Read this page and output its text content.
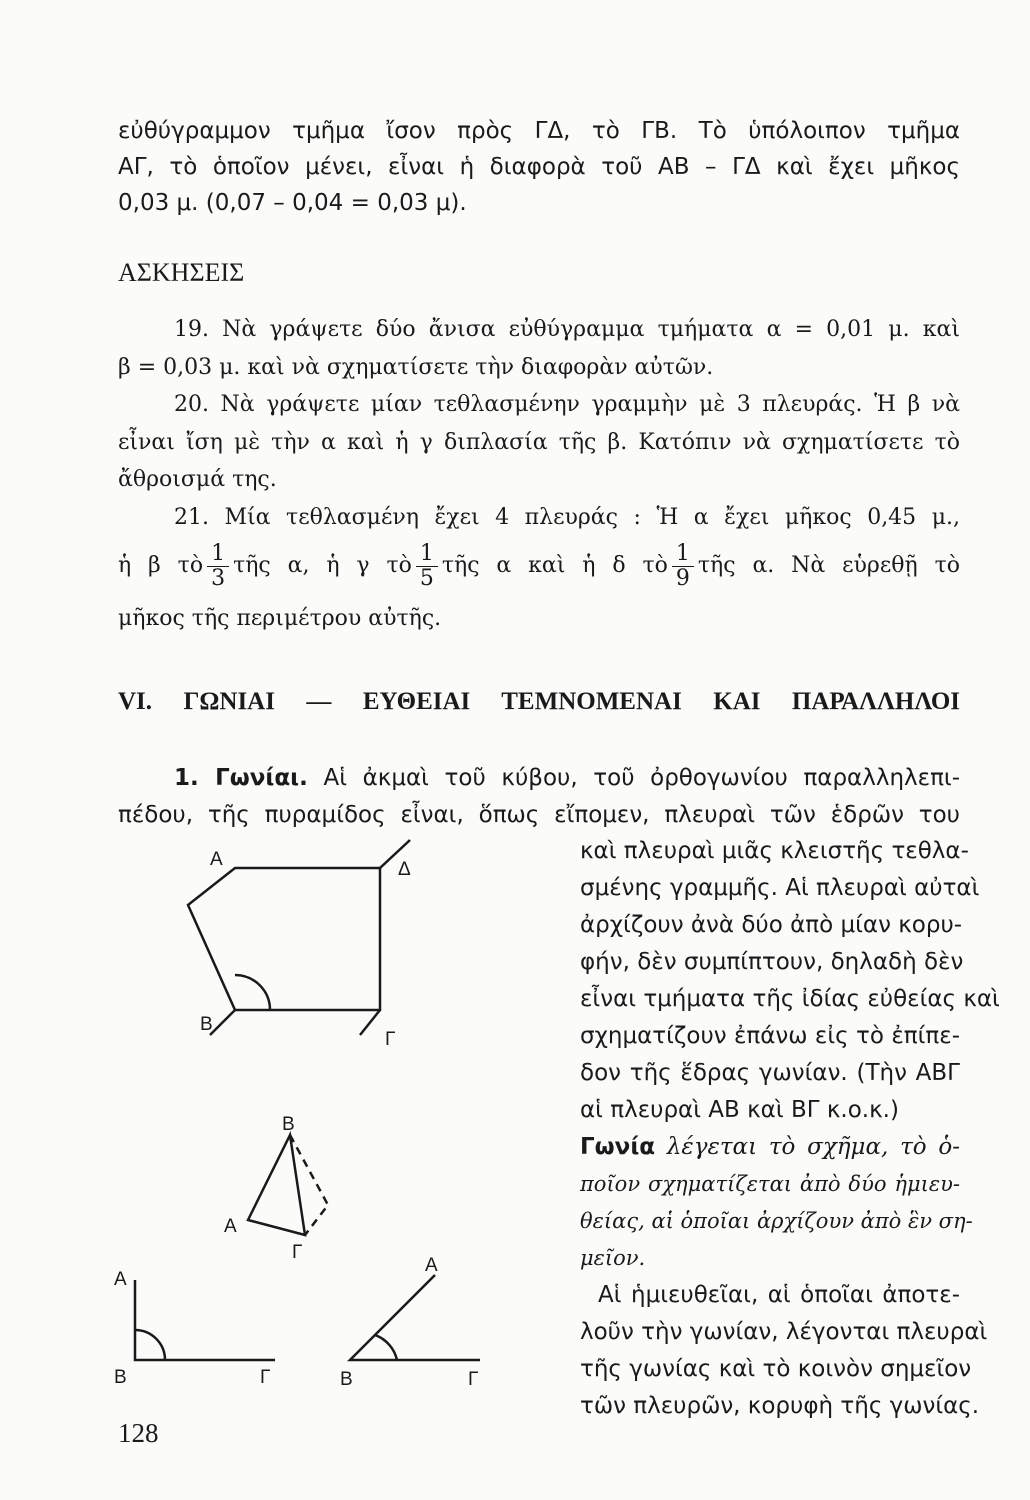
εὐθύγραμμον τμῆμα ἴσον πρὸς ΓΔ, τὸ ΓΒ. Τὸ ὑπόλοιπον τμῆμα
ΑΓ, τὸ ὁποῖον μένει, εἶναι ἡ διαφορὰ τοῦ ΑΒ – ΓΔ καὶ ἔχει μῆκος
0,03 μ. (0,07 – 0,04 = 0,03 μ).
ΑΣΚΗΣΕΙΣ
19. Νὰ γράψετε δύο ἄνισα εὐθύγραμμα τμήματα α = 0,01 μ. καὶ
β = 0,03 μ. καὶ νὰ σχηματίσετε τὴν διαφορὰν αὐτῶν.
20. Νὰ γράψετε μίαν τεθλασμένην γραμμὴν μὲ 3 πλευράς. Ἡ β νὰ
εἶναι ἴση μὲ τὴν α καὶ ἡ γ διπλασία τῆς β. Κατόπιν νὰ σχηματίσετε τὸ
ἄθροισμά της.
21. Μία τεθλασμένη ἔχει 4 πλευράς : Ἡ α ἔχει μῆκος 0,45 μ.,
ἡ β τὸ $\frac{1}{3}$ τῆς α, ἡ γ τὸ $\frac{1}{5}$ τῆς α καὶ ἡ δ τὸ $\frac{1}{9}$ τῆς α. Νὰ εὑρεθῇ τὸ
μῆκος τῆς περιμέτρου αὐτῆς.
VI. ΓΩΝΙΑΙ — ΕΥΘΕΙΑΙ ΤΕΜΝΟΜΕΝΑΙ ΚΑΙ ΠΑΡΑΛΛΗΛΟΙ
1. Γωνίαι. Αἱ ἀκμαὶ τοῦ κύβου, τοῦ ὀρθογωνίου παραλληλεπι-
πέδου, τῆς πυραμίδος εἶναι, ὅπως εἴπομεν, πλευραὶ τῶν ἑδρῶν του
καὶ πλευραὶ μιᾶς κλειστῆς τεθλα-
σμένης γραμμῆς. Αἱ πλευραὶ αὐταὶ
ἀρχίζουν ἀνὰ δύο ἀπὸ μίαν κορυ-
φήν, δὲν συμπίπτουν, δηλαδὴ δὲν
εἶναι τμήματα τῆς ἰδίας εὐθείας καὶ
σχηματίζουν ἐπάνω εἰς τὸ ἐπίπε-
δον τῆς ἕδρας γωνίαν. (Τὴν ΑΒΓ
αἱ πλευραὶ ΑΒ καὶ ΒΓ κ.ο.κ.)
Γωνία λέγεται τὸ σχῆμα, τὸ ὁ-
ποῖον σχηματίζεται ἀπὸ δύο ἡμιευ-
θείας, αἱ ὁποῖαι ἀρχίζουν ἀπὸ ἓν ση-
μεῖον.
Αἱ ἡμιευθεῖαι, αἱ ὁποῖαι ἀποτε-
λοῦν τὴν γωνίαν, λέγονται πλευραὶ
τῆς γωνίας καὶ τὸ κοινὸν σημεῖον
τῶν πλευρῶν, κορυφὴ τῆς γωνίας.
Α	Δ
Β
Γ
Β
Α
Γ
Α
Β	Γ
Α
Β	Γ
128
